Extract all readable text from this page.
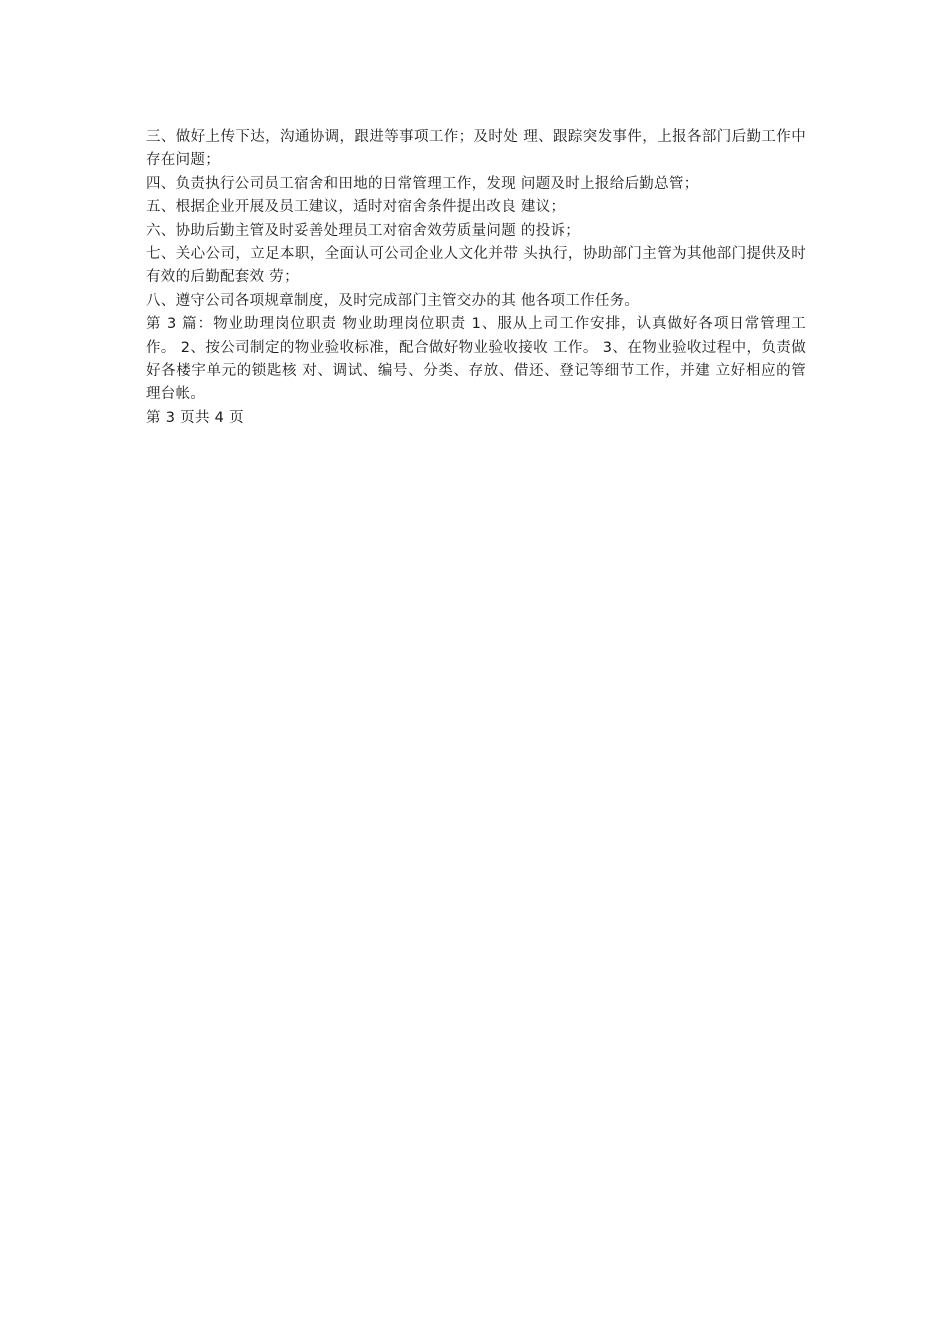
三、做好上传下达，沟通协调，跟进等事项工作；及时处 理、跟踪突发事件，上报各部门后勤工作中存在问题；

四、负责执行公司员工宿舍和田地的日常管理工作，发现 问题及时上报给后勤总管；

五、根据企业开展及员工建议，适时对宿舍条件提出改良 建议；

六、协助后勤主管及时妥善处理员工对宿舍效劳质量问题 的投诉；

七、关心公司，立足本职，全面认可公司企业人文化并带 头执行，协助部门主管为其他部门提供及时有效的后勤配套效 劳；

八、遵守公司各项规章制度，及时完成部门主管交办的其 他各项工作任务。

第 3 篇：物业助理岗位职责 物业助理岗位职责 1、服从上司工作安排，认真做好各项日常管理工作。 2、按公司制定的物业验收标准，配合做好物业验收接收 工作。 3、在物业验收过程中，负责做好各楼宇单元的锁匙核 对、调试、编号、分类、存放、借还、登记等细节工作，并建 立好相应的管理台帐。

第 3 页共 4 页
